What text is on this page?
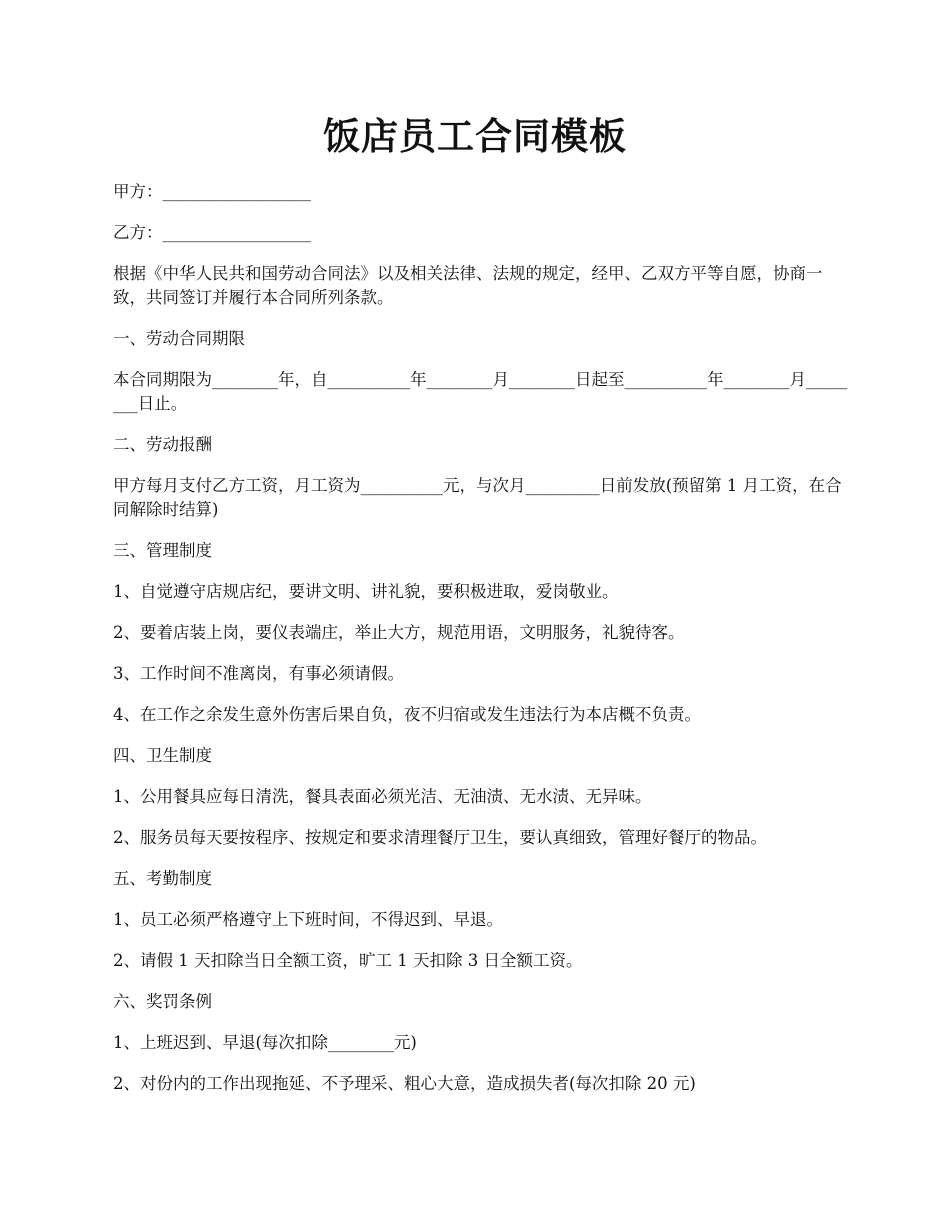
饭店员工合同模板

甲方：__________________

乙方：__________________

根据《中华人民共和国劳动合同法》以及相关法律、法规的规定，经甲、乙双方平等自愿，协商一致，共同签订并履行本合同所列条款。

一、劳动合同期限

本合同期限为________年，自__________年________月________日起至__________年________月________日止。

二、劳动报酬

甲方每月支付乙方工资，月工资为__________元，与次月_________日前发放(预留第 1 月工资，在合同解除时结算)

三、管理制度

1、自觉遵守店规店纪，要讲文明、讲礼貌，要积极进取，爱岗敬业。

2、要着店装上岗，要仪表端庄，举止大方，规范用语，文明服务，礼貌待客。

3、工作时间不准离岗，有事必须请假。

4、在工作之余发生意外伤害后果自负，夜不归宿或发生违法行为本店概不负责。

四、卫生制度

1、公用餐具应每日清洗，餐具表面必须光洁、无油渍、无水渍、无异味。

2、服务员每天要按程序、按规定和要求清理餐厅卫生，要认真细致，管理好餐厅的物品。

五、考勤制度

1、员工必须严格遵守上下班时间，不得迟到、早退。

2、请假 1 天扣除当日全额工资，旷工 1 天扣除 3 日全额工资。

六、奖罚条例

1、上班迟到、早退(每次扣除________元)

2、对份内的工作出现拖延、不予理采、粗心大意，造成损失者(每次扣除 20 元)
